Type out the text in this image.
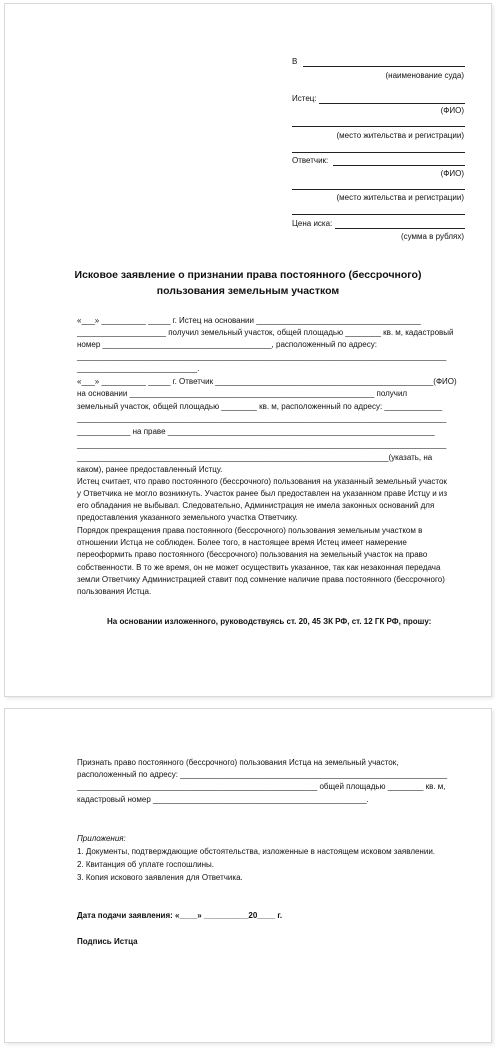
В
(наименование суда)
Истец:
(ФИО)
(место жительства и регистрации)
Ответчик:
(ФИО)
(место жительства и регистрации)
Цена иска:
(сумма в рублях)
Исковое заявление о признании права постоянного (бессрочного)
пользования земельным участком
«___» __________ _____ г. Истец на основании _____________________________________
____________________ получил земельный участок, общей площадью ________ кв. м, кадастровый
номер ______________________________________, расположенный по адресу:
___________________________________________________________________________________
___________________________.
«___» __________ _____ г. Ответчик _________________________________________________(ФИО)
на основании _______________________________________________________ получил
земельный участок, общей площадью ________ кв. м, расположенный по адресу: _____________
___________________________________________________________________________________
____________ на праве ____________________________________________________________
___________________________________________________________________________________
______________________________________________________________________(указать, на
каком), ранее предоставленный Истцу.
Истец считает, что право постоянного (бессрочного) пользования на указанный земельный участок
у Ответчика не могло возникнуть. Участок ранее был предоставлен на указанном праве Истцу и из
его обладания не выбывал. Следовательно, Администрация не имела законных оснований для
предоставления указанного земельного участка Ответчику.
Порядок прекращения права постоянного (бессрочного) пользования земельным участком в
отношении Истца не соблюден. Более того, в настоящее время Истец имеет намерение
переоформить право постоянного (бессрочного) пользования на земельный участок на право
собственности. В то же время, он не может осуществить указанное, так как незаконная передача
земли Ответчику Администрацией ставит под сомнение наличие права постоянного (бессрочного)
пользования Истца.
На основании изложенного, руководствуясь ст. 20, 45 ЗК РФ, ст. 12 ГК РФ, прошу:
Признать право постоянного (бессрочного) пользования Истца на земельный участок,
расположенный по адресу: ____________________________________________________________
______________________________________________________ общей площадью ________ кв. м,
кадастровый номер ________________________________________________.
Приложения:
1. Документы, подтверждающие обстоятельства, изложенные в настоящем исковом заявлении.
2. Квитанция об уплате госпошлины.
3. Копия искового заявления для Ответчика.
Дата подачи заявления: «____» __________20____ г.
Подпись Истца
